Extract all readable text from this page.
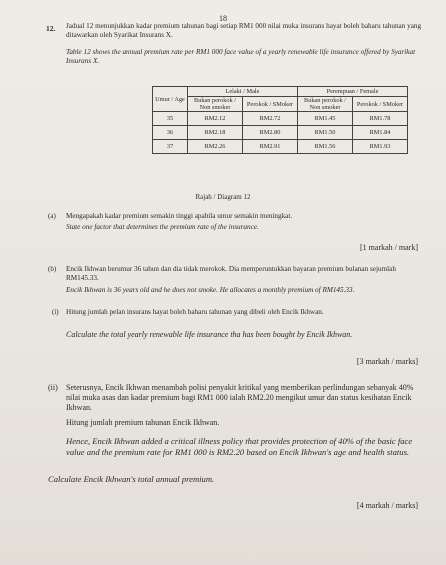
18
12. Jadual 12 menunjukkan kadar premium tahunan bagi setiap RM1 000 nilai muka insurans hayat boleh baharu tahunan yang ditawarkan oleh Syarikat Insurans X.
Table 12 shows the annual premium rate per RM1 000 face value of a yearly renewable life insurance offered by Syarikat Insurans X.
Umur / Age	Lelaki / Male		Perempuan / Female	
	Bukan perokok / Non smoker	Perokok / SMoker	Bukan perokok / Non smoker	Perokok / SMoker

35	RM2.12	RM2.72	RM1.45	RM1.78
36	RM2.18	RM2.80	RM1.50	RM1.84
37	RM2.26	RM2.91	RM1.56	RM1.93
Rajah / Diagram 12
(a) Mengapakah kadar premium semakin tinggi apabila umur semakin meningkat.
State one factor that determines the premium rate of the insurance.
[1 markah / mark]
(b) Encik Ikhwan berumur 36 tahun dan dia tidak merokok. Dia memperuntukkan bayaran premium bulanan sejumlah RM145.33.
Encik Ikhwan is 36 years old and he does not smoke. He allocates a monthly premium of RM145.33.
(i) Hitung jumlah pelan insurans hayat boleh baharu tahunan yang dibeli oleh Encik Ikhwan.
Calculate the total yearly renewable life insurance tha has been bought by Encik Ikhwan.
[3 markah / marks]
(ii) Seterusnya, Encik Ikhwan menambah polisi penyakit kritikal yang memberikan perlindungan sebanyak 40% nilai muka asas dan kadar premium bagi RM1 000 ialah RM2.20 mengikut umur dan status kesihatan Encik Ikhwan.
Hitung jumlah premium tahunan Encik Ikhwan.
Hence, Encik Ikhwan added a critical illness policy that provides protection of 40% of the basic face value and the premium rate for RM1 000 is RM2.20 based on Encik Ikhwan's age and health status.
Calculate Encik Ikhwan's total annual premium.
[4 markah / marks]
